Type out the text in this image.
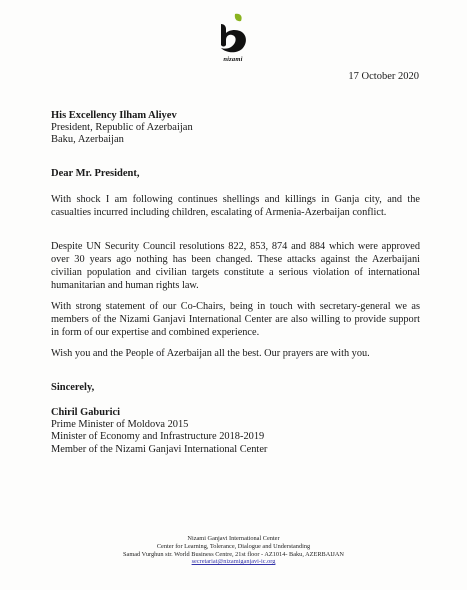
nizami
17 October 2020
His Excellency Ilham Aliyev
President, Republic of Azerbaijan
Baku, Azerbaijan
Dear Mr. President,
With shock I am following continues shellings and killings in Ganja city, and the casualties incurred including children, escalating of Armenia-Azerbaijan conflict.
Despite UN Security Council resolutions 822, 853, 874 and 884 which were approved over 30 years ago nothing has been changed. These attacks against the Azerbaijani civilian population and civilian targets constitute a serious violation of international humanitarian and human rights law.
With strong statement of our Co-Chairs, being in touch with secretary-general we as members of the Nizami Ganjavi International Center are also willing to provide support in form of our expertise and combined experience.
Wish you and the People of Azerbaijan all the best. Our prayers are with you.
Sincerely,
Chiril Gaburici
Prime Minister of Moldova 2015
Minister of Economy and Infrastructure 2018-2019
Member of the Nizami Ganjavi International Center
Nizami Ganjavi International Center
Center for Learning, Tolerance, Dialogue and Understanding
Samad Vurghun str. World Business Centre, 21st floor - AZ1014- Baku, AZERBAIJAN
secretariat@nizamiganjavi-ic.org
